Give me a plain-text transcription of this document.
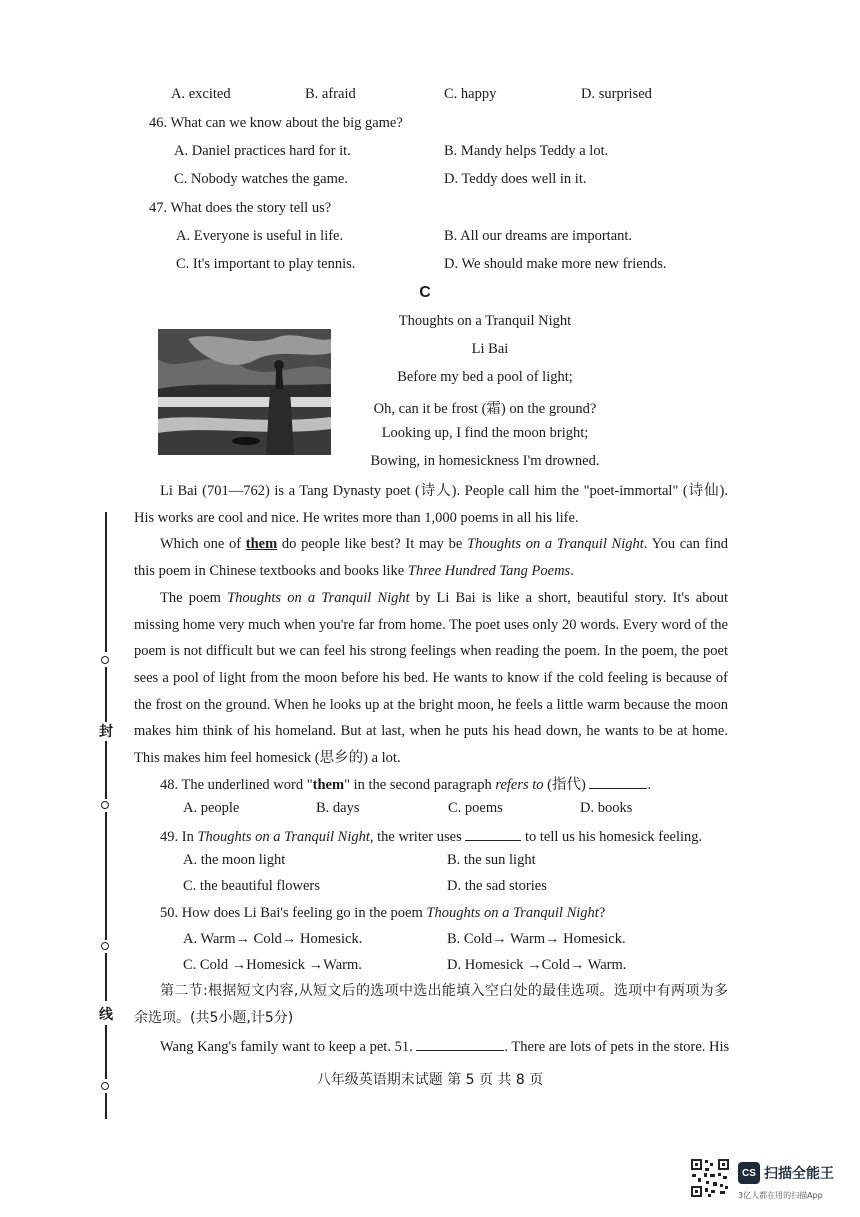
封
线
A. excited	B. afraid	C. happy	D. surprised
46. What can we know about the big game?
A. Daniel practices hard for it.	B. Mandy helps Teddy a lot.
C. Nobody watches the game.	D. Teddy does well in it.
47. What does the story tell us?
A. Everyone is useful in life.	B. All our dreams are important.
C. It's important to play tennis.	D. We should make more new friends.
C
Thoughts on a Tranquil Night
Li Bai
Before my bed a pool of light;
Oh, can it be frost (霜) on the ground?
Looking up, I find the moon bright;
Bowing, in homesickness I'm drowned.

Li Bai (701—762) is a Tang Dynasty poet (诗人). People call him the "poet-immortal" (诗仙). His works are cool and nice. He writes more than 1,000 poems in all his life.

Which one of them do people like best? It may be Thoughts on a Tranquil Night. You can find this poem in Chinese textbooks and books like Three Hundred Tang Poems.

The poem Thoughts on a Tranquil Night by Li Bai is like a short, beautiful story. It's about missing home very much when you're far from home. The poet uses only 20 words. Every word of the poem is not difficult but we can feel his strong feelings when reading the poem. In the poem, the poet sees a pool of light from the moon before his bed. He wants to know if the cold feeling is because of the frost on the ground. When he looks up at the bright moon, he feels a little warm because the moon makes him think of his homeland. But at last, when he puts his head down, he wants to be at home. This makes him feel homesick (思乡的) a lot.

48. The underlined word "them" in the second paragraph refers to (指代)	.
A. people	B. days	C. poems	D. books
49. In Thoughts on a Tranquil Night, the writer uses	to tell us his homesick feeling.
A. the moon light	B. the sun light
C. the beautiful flowers	D. the sad stories
50. How does Li Bai's feeling go in the poem Thoughts on a Tranquil Night?
A. Warm→ Cold→ Homesick.	B. Cold→ Warm→ Homesick.
C. Cold →Homesick →Warm.	D. Homesick →Cold→ Warm.

第二节:根据短文内容,从短文后的选项中选出能填入空白处的最佳选项。选项中有两项为多余选项。(共5小题,计5分)

Wang Kang's family want to keep a pet. 51.	. There are lots of pets in the store. His
八年级英语期末试题 第 5 页 共 8 页
CS 扫描全能王
3亿人都在用的扫描App
